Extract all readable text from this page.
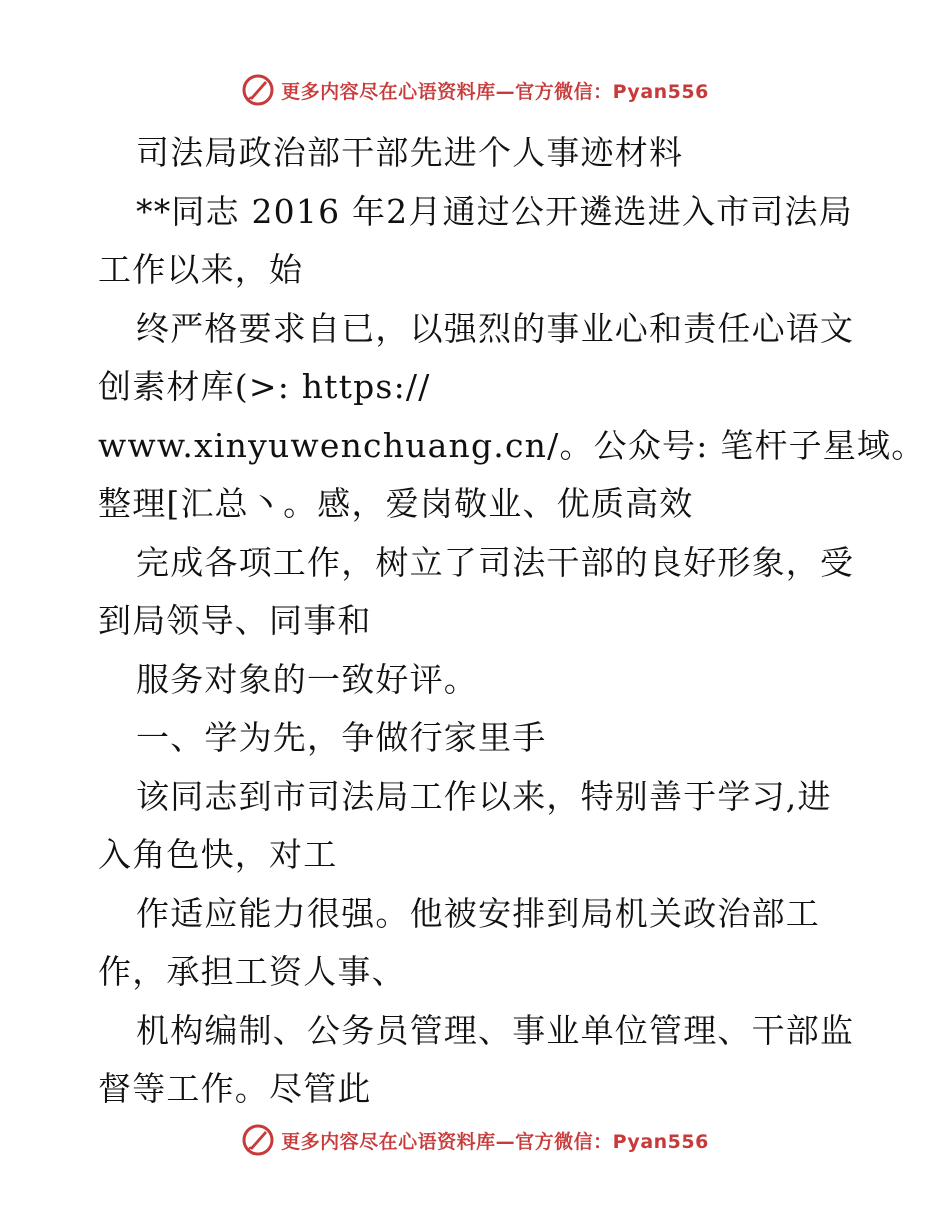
更多内容尽在心语资料库—官方微信：Pyan556
司法局政治部干部先进个人事迹材料
**同志 2016 年2月通过公开遴选进入市司法局
工作以来，始
终严格要求自已，以强烈的事业心和责任心语文
创素材库(>: https://
www.xinyuwenchuang.cn/。公众号: 笔杆子星域。
整理[汇总丶。感，爱岗敬业、优质高效
完成各项工作，树立了司法干部的良好形象，受
到局领导、同事和
服务对象的一致好评。
一、学为先，争做行家里手
该同志到市司法局工作以来，特别善于学习,进
入角色快，对工
作适应能力很强。他被安排到局机关政治部工
作，承担工资人事、
机构编制、公务员管理、事业单位管理、干部监
督等工作。尽管此
更多内容尽在心语资料库—官方微信：Pyan556
